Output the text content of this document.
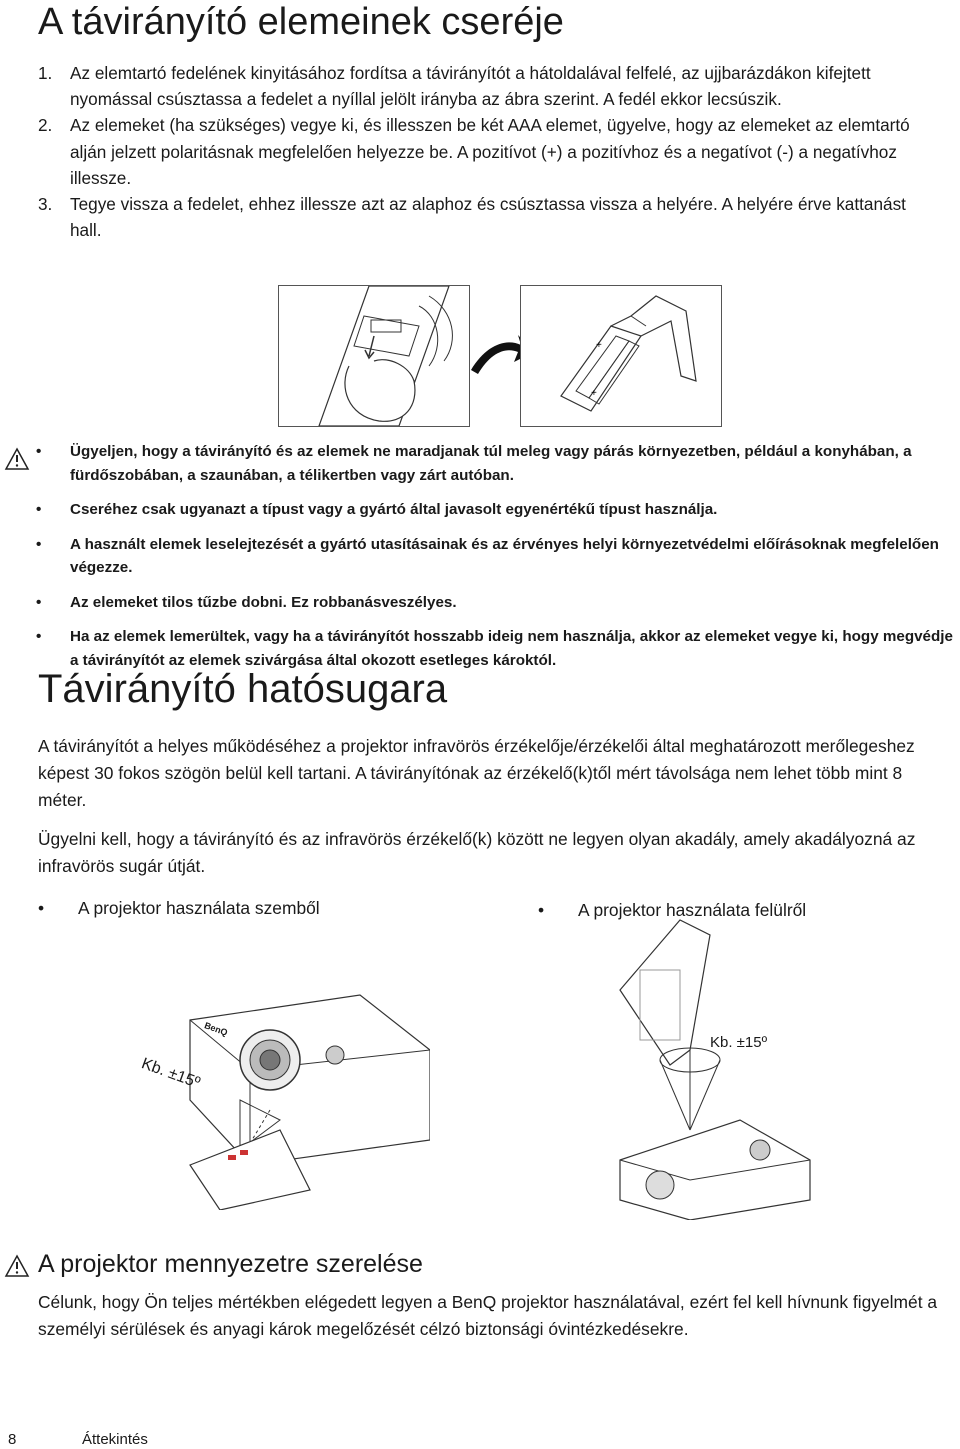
A távirányító elemeinek cseréje
1.	Az elemtartó fedelének kinyitásához fordítsa a távirányítót a hátoldalával felfelé, az ujjbarázdákon kifejtett nyomással csúsztassa a fedelet a nyíllal jelölt irányba az ábra szerint. A fedél ekkor lecsúszik.
2.	Az elemeket (ha szükséges) vegye ki, és illesszen be két AAA elemet, ügyelve, hogy az elemeket az elemtartó alján jelzett polaritásnak megfelelően helyezze be. A pozitívot (+) a pozitívhoz és a negatívot (-) a negatívhoz illessze.
3.	Tegye vissza a fedelet, ehhez illessze azt az alaphoz és csúsztassa vissza a helyére. A helyére érve kattanást hall.
+
+
•	Ügyeljen, hogy a távirányító és az elemek ne maradjanak túl meleg vagy párás környezetben, például a konyhában, a fürdőszobában, a szaunában, a télikertben vagy zárt autóban.
•	Cseréhez csak ugyanazt a típust vagy a gyártó által javasolt egyenértékű típust használja.
•	A használt elemek leselejtezését a gyártó utasításainak és az érvényes helyi környezetvédelmi előírásoknak megfelelően végezze.
•	Az elemeket tilos tűzbe dobni. Ez robbanásveszélyes.
•	Ha az elemek lemerültek, vagy ha a távirányítót hosszabb ideig nem használja, akkor az elemeket vegye ki, hogy megvédje a távirányítót az elemek szivárgása által okozott esetleges károktól.
Távirányító hatósugara
A távirányítót a helyes működéséhez a projektor infravörös érzékelője/érzékelői által meghatározott merőlegeshez képest 30 fokos szögön belül kell tartani. A távirányítónak az érzékelő(k)től mért távolsága nem lehet több mint 8 méter.
Ügyelni kell, hogy a távirányító és az infravörös érzékelő(k) között ne legyen olyan akadály, amely akadályozná az infravörös sugár útját.
•	A projektor használata szemből	•	A projektor használata felülről
BenQ
Kb. ±15º
Kb. ±15º
A projektor mennyezetre szerelése
Célunk, hogy Ön teljes mértékben elégedett legyen a BenQ projektor használatával, ezért fel kell hívnunk figyelmét a személyi sérülések és anyagi károk megelőzését célzó biztonsági óvintézkedésekre.
8	Áttekintés
